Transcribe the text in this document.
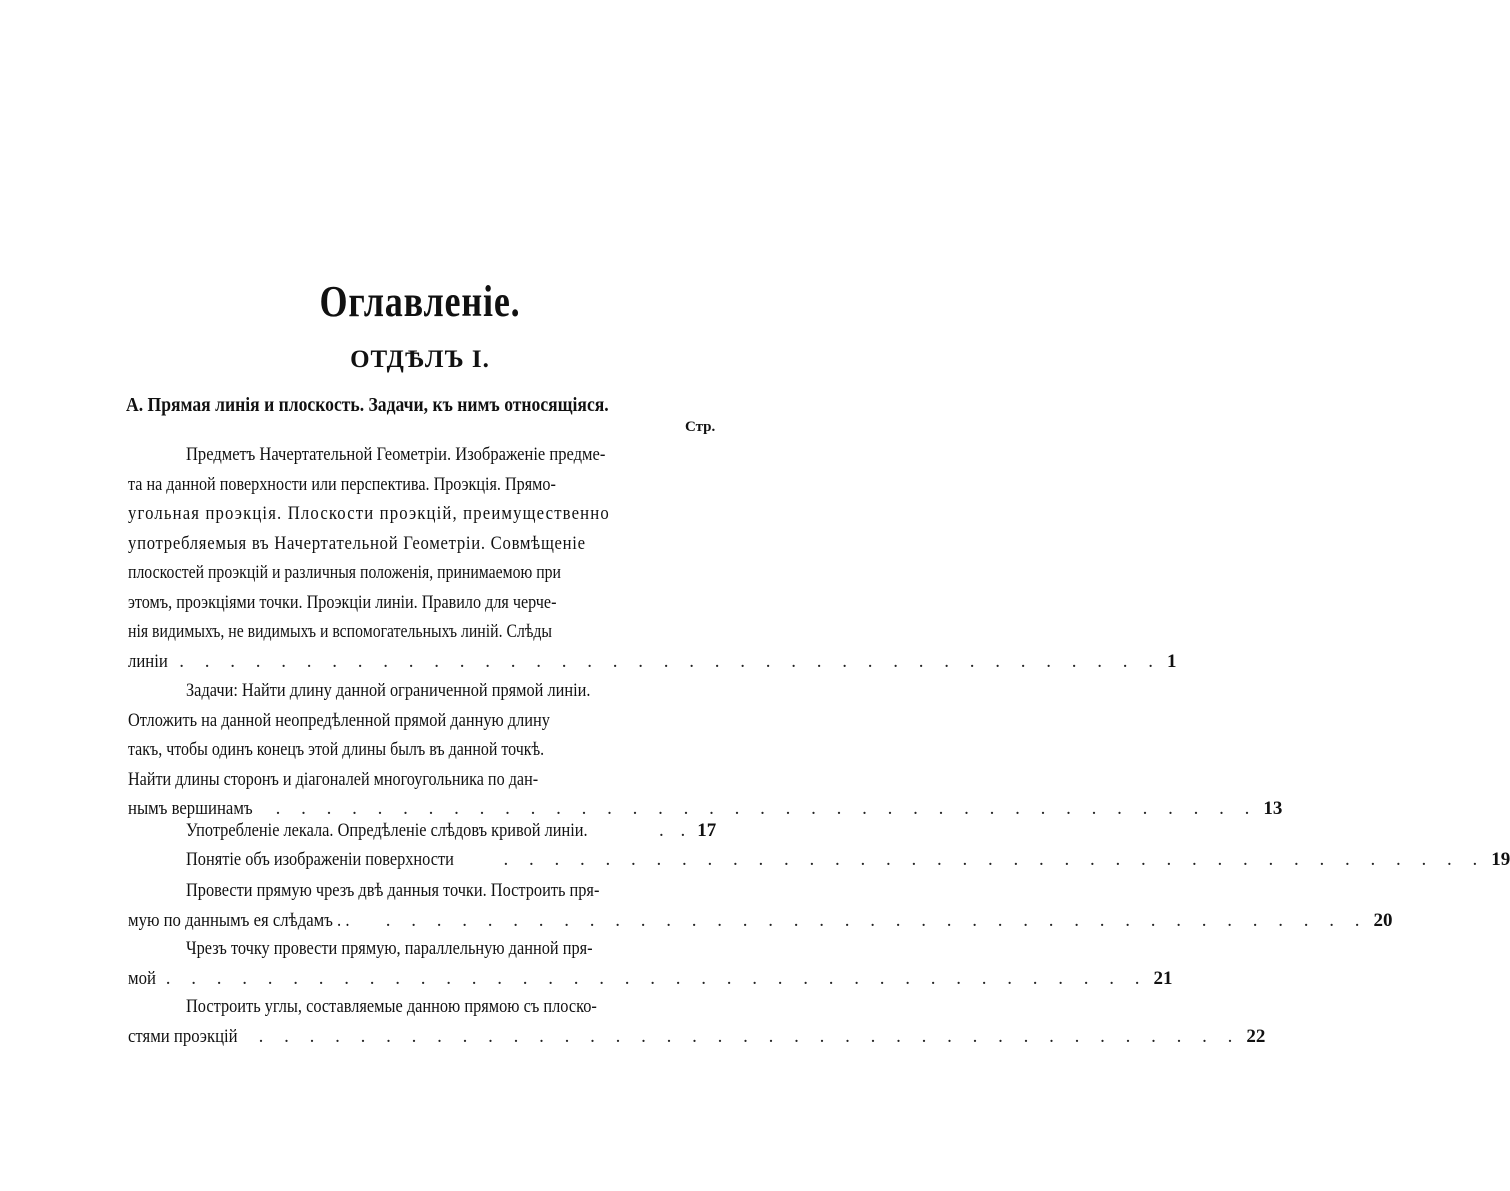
Оглавленіе.
ОТДѢЛЪ I.
A. Прямая линія и плоскость. Задачи, къ нимъ относящіяся.
Стр.
Предметъ Начертательной Геометріи. Изображеніе предме-
та на данной поверхности или перспектива. Проэкція. Прямо-
угольная проэкція. Плоскости проэкцій, преимущественно
употребляемыя въ Начертательной Геометріи. Совмѣщеніе
плоскостей проэкцій и различныя положенія, принимаемою при
этомъ, проэкціями точки. Проэкціи линіи. Правило для черче-
нія видимыхъ, не видимыхъ и вспомогательныхъ линій. Слѣды
линіи . . . . . . . . . . . . . . . . . . . . . . . . . . . . . . . . . . . . . . . 1
Задачи: Найти длину данной ограниченной прямой линіи.
Отложить на данной неопредѣленной прямой данную длину
такъ, чтобы одинъ конецъ этой длины былъ въ данной точкѣ.
Найти длины сторонъ и діагоналей многоугольника по дан-
нымъ вершинамъ . . . . . . . . . . . . . . . . . . . . . . . . . . . . . . . . . . . . . . . 13
Употребленіе лекала. Опредѣленіе слѣдовъ кривой линіи.	. . 17
Понятіе объ изображеніи поверхности	. . . . . . . . . . . . . . . . . . . . . . . . . . . . . . . . . . . . . . . 19
Провести прямую чрезъ двѣ данныя точки. Построить пря-
мую по даннымъ ея слѣдамъ . . . . . . . . . . . . . . . . . . . . . . . . . . . . . . . . . . . . . . . . . 20
Чрезъ точку провести прямую, параллельную данной пря-
мой . . . . . . . . . . . . . . . . . . . . . . . . . . . . . . . . . . . . . . . 21
Построить углы, составляемые данною прямою съ плоско-
стями проэкцій . . . . . . . . . . . . . . . . . . . . . . . . . . . . . . . . . . . . . . . 22
